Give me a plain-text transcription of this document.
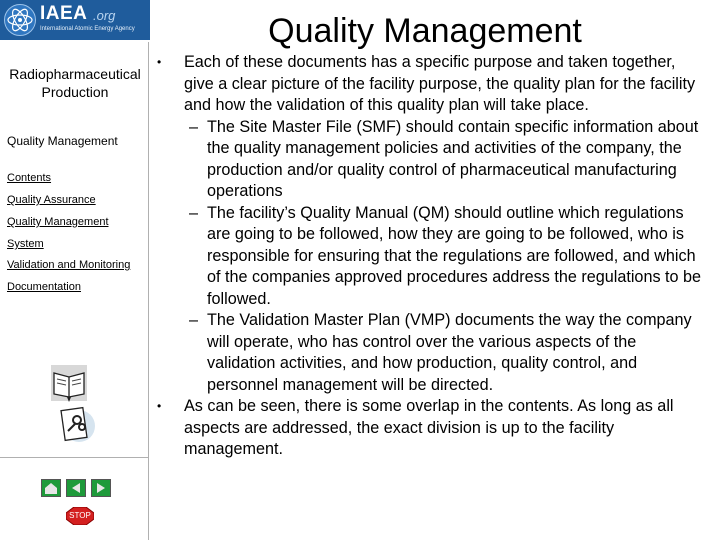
IAEA .org
International Atomic Energy Agency
Radiopharmaceutical Production
Quality Management
Contents
Quality Assurance
Quality Management
System
Validation and Monitoring
Documentation
STOP
Quality Management
• Each of these documents has a specific purpose and taken together, give a clear picture of the facility purpose, the quality plan for the facility and how the validation of this quality plan will take place.
– The Site Master File (SMF) should contain specific information about the quality management policies and activities of the company, the production and/or quality control of pharmaceutical manufacturing operations
– The facility’s Quality Manual (QM) should outline which regulations are going to be followed, how they are going to be followed, who is responsible for ensuring that the regulations are followed, and which of the companies approved procedures address the regulations to be followed.
– The Validation Master Plan (VMP) documents the way the company will operate, who has control over the various aspects of the validation activities, and how production, quality control, and personnel management will be directed.
• As can be seen, there is some overlap in the contents. As long as all aspects are addressed, the exact division is up to the facility management.
